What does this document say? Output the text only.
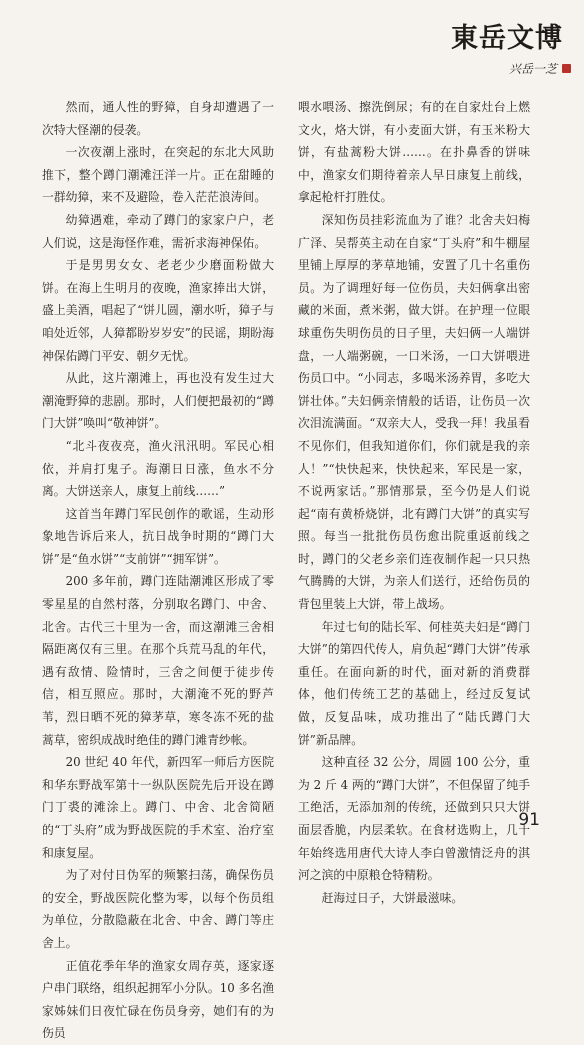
東岳文博
兴岳一芝

然而，通人性的野獐，自身却遭遇了一次特大怪潮的侵袭。

一次夜潮上涨时，在突起的东北大风助推下，整个蹲门潮滩汪洋一片。正在甜睡的一群幼獐，来不及避险，卷入茫茫浪涛间。

幼獐遇难，牵动了蹲门的家家户户，老人们说，这是海怪作难，需祈求海神保佑。

于是男男女女、老老少少磨面粉做大饼。在海上生明月的夜晚，渔家捧出大饼，盛上美酒，唱起了“饼儿圆，潮水听，獐子与咱处近邻，人獐都盼岁岁安”的民谣，期盼海神保佑蹲门平安、朝夕无忧。

从此，这片潮滩上，再也没有发生过大潮淹野獐的悲剧。那时，人们便把最初的“蹲门大饼”唤叫“敬神饼”。

“北斗夜夜亮，渔火汛汛明。军民心相依，并肩打鬼子。海潮日日涨，鱼水不分离。大饼送亲人，康复上前线……”

这首当年蹲门军民创作的歌谣，生动形象地告诉后来人，抗日战争时期的“蹲门大饼”是“鱼水饼”“支前饼”“拥军饼”。

200 多年前，蹲门连陆潮滩区形成了零零星星的自然村落，分别取名蹲门、中舍、北舍。古代三十里为一舍，而这潮滩三舍相隔距离仅有三里。在那个兵荒马乱的年代，遇有敌情、险情时，三舍之间便于徒步传信，相互照应。那时，大潮淹不死的野芦苇，烈日晒不死的獐茅草，寒冬冻不死的盐蒿草，密织成战时绝佳的蹲门滩青纱帐。

20 世纪 40 年代，新四军一师后方医院和华东野战军第十一纵队医院先后开设在蹲门丁裘的滩涂上。蹲门、中舍、北舍简陋的“丁头府”成为野战医院的手术室、治疗室和康复屋。

为了对付日伪军的频繁扫荡，确保伤员的安全，野战医院化整为零，以每个伤员组为单位，分散隐蔽在北舍、中舍、蹲门等庄舍上。

正值花季年华的渔家女周存英，逐家逐户串门联络，组织起拥军小分队。10 多名渔家姊妹们日夜忙碌在伤员身旁，她们有的为伤员

喂水喂汤、擦洗倒尿；有的在自家灶台上燃文火，烙大饼，有小麦面大饼，有玉米粉大饼，有盐蒿粉大饼……。在扑鼻香的饼味中，渔家女们期待着亲人早日康复上前线，拿起枪杆打胜仗。

深知伤员挂彩流血为了谁？北舍夫妇梅广泽、吴帮英主动在自家“丁头府”和牛棚屋里铺上厚厚的茅草地铺，安置了几十名重伤员。为了调理好每一位伤员，夫妇俩拿出密藏的米面，煮米粥，做大饼。在护理一位眼球重伤失明伤员的日子里，夫妇俩一人端饼盘，一人端粥碗，一口米汤，一口大饼喂进伤员口中。“小同志，多喝米汤养胃，多吃大饼壮体。”夫妇俩亲情般的话语，让伤员一次次泪流满面。“双亲大人，受我一拜！我虽看不见你们，但我知道你们，你们就是我的亲人！”“快快起来，快快起来，军民是一家，不说两家话。”那情那景，至今仍是人们说起“南有黄桥烧饼，北有蹲门大饼”的真实写照。每当一批批伤员伤愈出院重返前线之时，蹲门的父老乡亲们连夜制作起一只只热气腾腾的大饼，为亲人们送行，还给伤员的背包里装上大饼，带上战场。

年过七旬的陆长军、何桂英夫妇是“蹲门大饼”的第四代传人，肩负起“蹲门大饼”传承重任。在面向新的时代，面对新的消费群体，他们传统工艺的基础上，经过反复试做，反复品味，成功推出了“陆氏蹲门大饼”新品牌。

这种直径 32 公分，周圆 100 公分，重为 2 斤 4 两的“蹲门大饼”，不但保留了纯手工绝活，无添加剂的传统，还做到只只大饼面层香脆，内层柔软。在食材选购上，几十年始终选用唐代大诗人李白曾激情泛舟的淇河之滨的中原粮仓特精粉。

赶海过日子，大饼最滋味。

91
